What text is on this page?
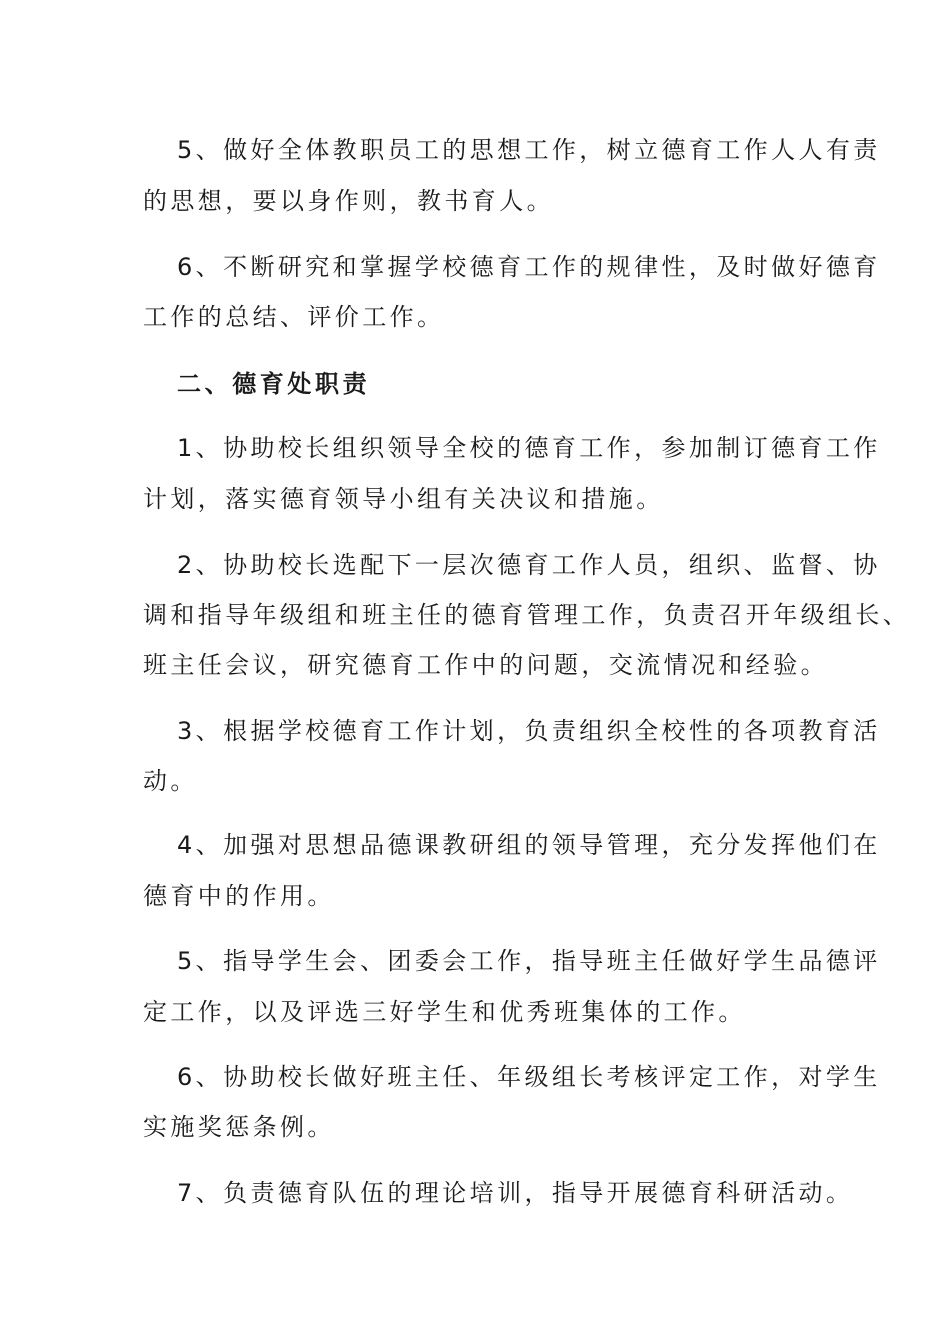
5、做好全体教职员工的思想工作，树立德育工作人人有责
的思想，要以身作则，教书育人。
6、不断研究和掌握学校德育工作的规律性，及时做好德育
工作的总结、评价工作。
二、德育处职责
1、协助校长组织领导全校的德育工作，参加制订德育工作
计划，落实德育领导小组有关决议和措施。
2、协助校长选配下一层次德育工作人员，组织、监督、协
调和指导年级组和班主任的德育管理工作，负责召开年级组长、
班主任会议，研究德育工作中的问题，交流情况和经验。
3、根据学校德育工作计划，负责组织全校性的各项教育活
动。
4、加强对思想品德课教研组的领导管理，充分发挥他们在
德育中的作用。
5、指导学生会、团委会工作，指导班主任做好学生品德评
定工作，以及评选三好学生和优秀班集体的工作。
6、协助校长做好班主任、年级组长考核评定工作，对学生
实施奖惩条例。
7、负责德育队伍的理论培训，指导开展德育科研活动。
